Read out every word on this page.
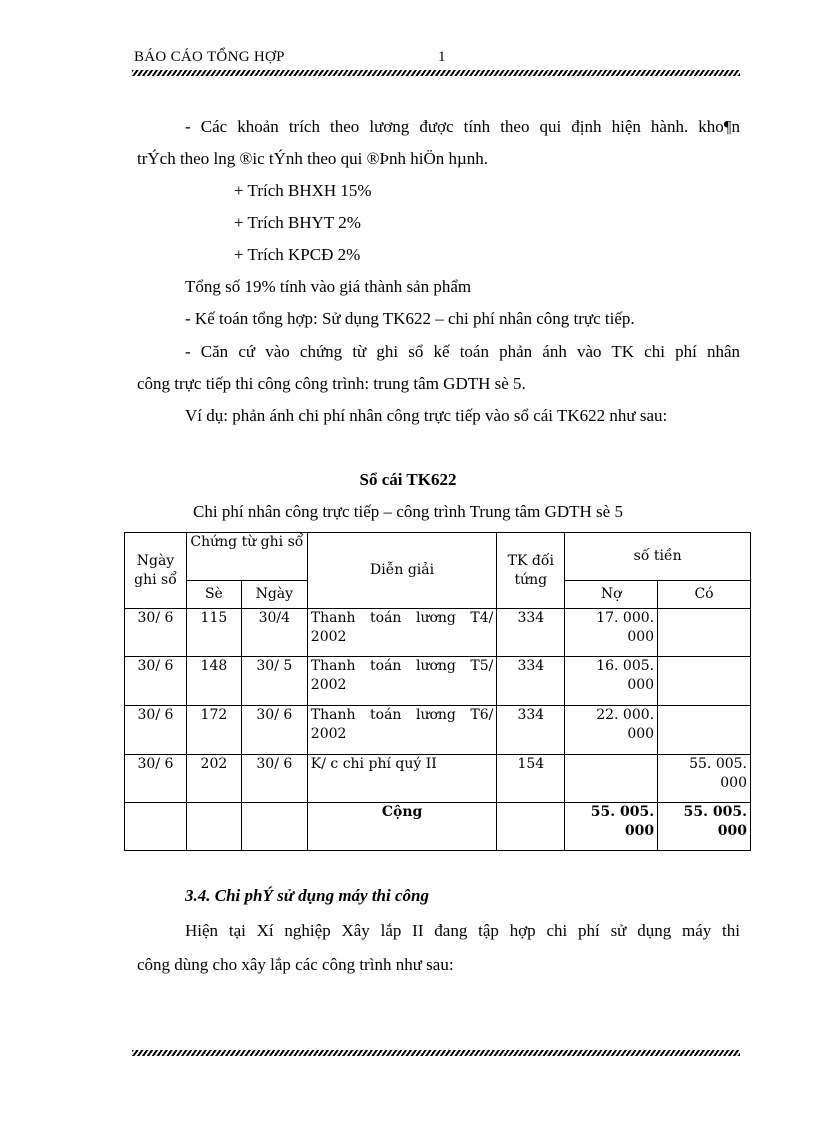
BÁO CÁO TỔNG HỢP	1
- Các khoản trích theo lương được tính theo qui định hiện hành. kho¶n
trÝch theo lng ®ic tÝnh theo qui ®Þnh hiÖn hµnh.
+ Trích BHXH 15%
+ Trích BHYT 2%
+ Trích KPCĐ 2%
Tổng số 19% tính vào giá thành sản phẩm
- Kế toán tổng hợp: Sử dụng TK622 – chi phí nhân công trực tiếp.
- Căn cứ vào chứng từ ghi sổ kế toán phản ánh vào TK chi phí nhân
công trực tiếp thi công công trình: trung tâm GDTH sè 5.
Ví dụ: phản ánh chi phí nhân công trực tiếp vào sổ cái TK622 như sau:
Sổ cái TK622
Chi phí nhân công trực tiếp – công trình Trung tâm GDTH sè 5
Ngày ghi sổ	Chứng từ ghi sổ		Diễn giải	TK đối tứng	số tiền	
	Sè	Ngày			Nợ	Có
30/ 6	115	30/4	Thanh toán lương T4/ 2002	334	17. 000. 000	
30/ 6	148	30/ 5	Thanh toán lương T5/ 2002	334	16. 005. 000	
30/ 6	172	30/ 6	Thanh toán lương T6/ 2002	334	22. 000. 000	
30/ 6	202	30/ 6	K/ c chi phí quý II	154		55. 005. 000
			Cộng		55. 005. 000	55. 005. 000
3.4. Chi phÝ sử dụng máy thi công
Hiện tại Xí nghiệp Xây lắp II đang tập hợp chi phí sử dụng máy thi
công dùng cho xây lắp các công trình như sau:
